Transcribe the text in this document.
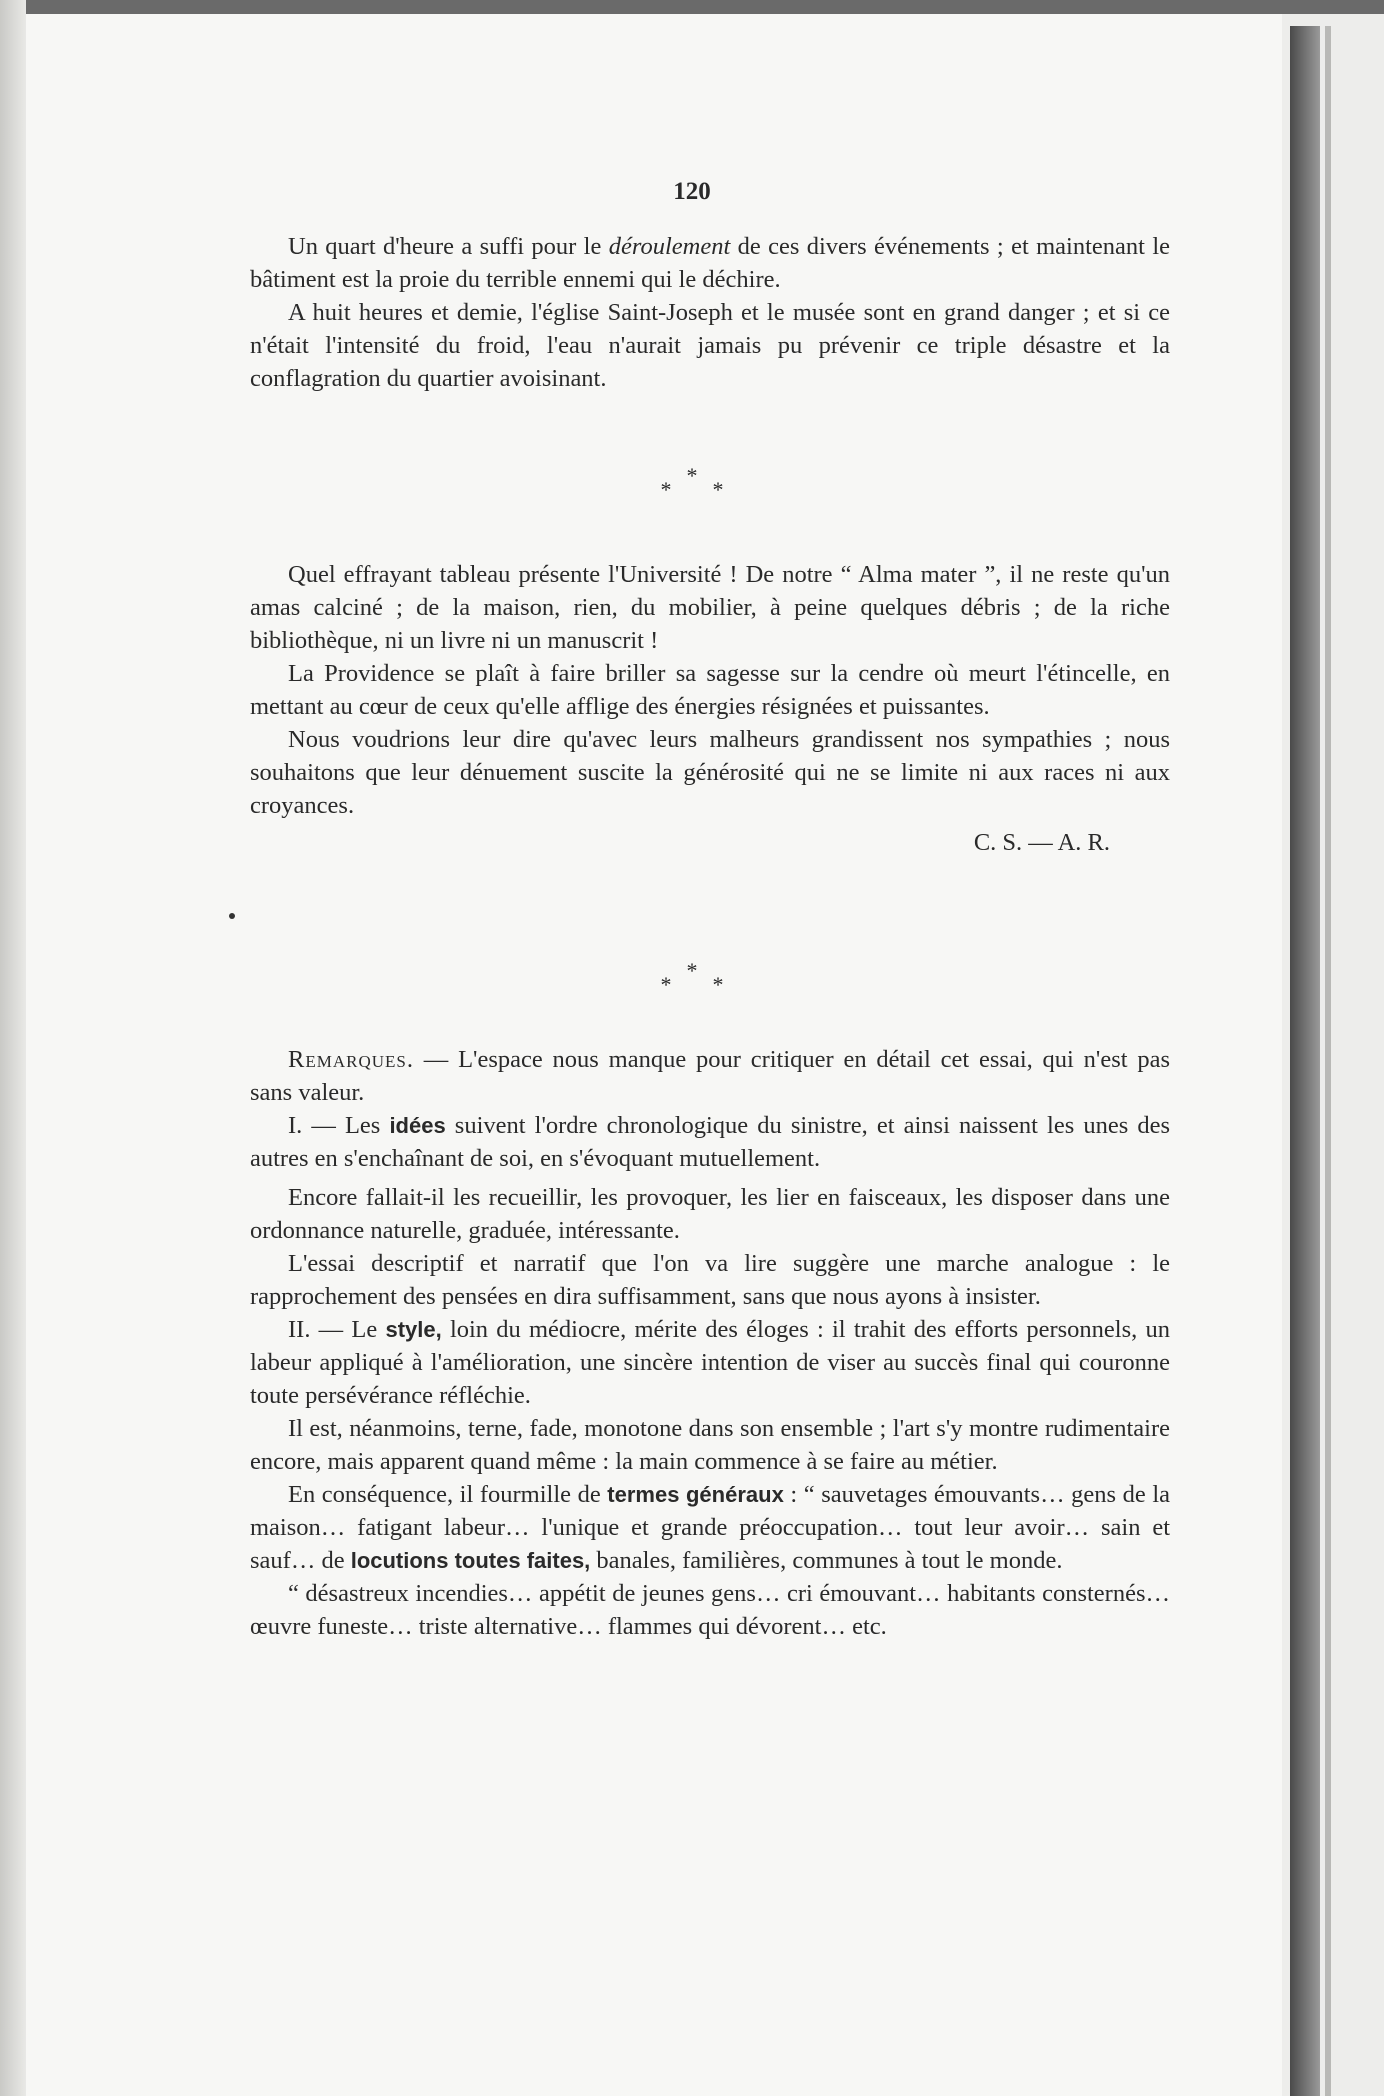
120

Un quart d'heure a suffi pour le déroulement de ces divers événements ; et maintenant le bâtiment est la proie du terrible ennemi qui le déchire.

A huit heures et demie, l'église Saint-Joseph et le musée sont en grand danger ; et si ce n'était l'intensité du froid, l'eau n'aurait jamais pu prévenir ce triple désastre et la conflagration du quartier avoisinant.

***

Quel effrayant tableau présente l'Université ! De notre “ Alma mater ”, il ne reste qu'un amas calciné ; de la maison, rien, du mobilier, à peine quelques débris ; de la riche bibliothèque, ni un livre ni un manuscrit !

La Providence se plaît à faire briller sa sagesse sur la cendre où meurt l'étincelle, en mettant au cœur de ceux qu'elle afflige des énergies résignées et puissantes.

Nous voudrions leur dire qu'avec leurs malheurs grandissent nos sympathies ; nous souhaitons que leur dénuement suscite la générosité qui ne se limite ni aux races ni aux croyances.

C. S. — A. R.
***

Remarques. — L'espace nous manque pour critiquer en détail cet essai, qui n'est pas sans valeur.

I. — Les idées suivent l'ordre chronologique du sinistre, et ainsi naissent les unes des autres en s'enchaînant de soi, en s'évoquant mutuellement.

Encore fallait-il les recueillir, les provoquer, les lier en faisceaux, les disposer dans une ordonnance naturelle, graduée, intéressante.

L'essai descriptif et narratif que l'on va lire suggère une marche analogue : le rapprochement des pensées en dira suffisamment, sans que nous ayons à insister.

II. — Le style, loin du médiocre, mérite des éloges : il trahit des efforts personnels, un labeur appliqué à l'amélioration, une sincère intention de viser au succès final qui couronne toute persévérance réfléchie.

Il est, néanmoins, terne, fade, monotone dans son ensemble ; l'art s'y montre rudimentaire encore, mais apparent quand même : la main commence à se faire au métier.

En conséquence, il fourmille de termes généraux : “ sauvetages émouvants… gens de la maison… fatigant labeur… l'unique et grande préoccupation… tout leur avoir… sain et sauf… de locutions toutes faites, banales, familières, communes à tout le monde.

“ désastreux incendies… appétit de jeunes gens… cri émouvant… habitants consternés… œuvre funeste… triste alternative… flammes qui dévorent… etc.
